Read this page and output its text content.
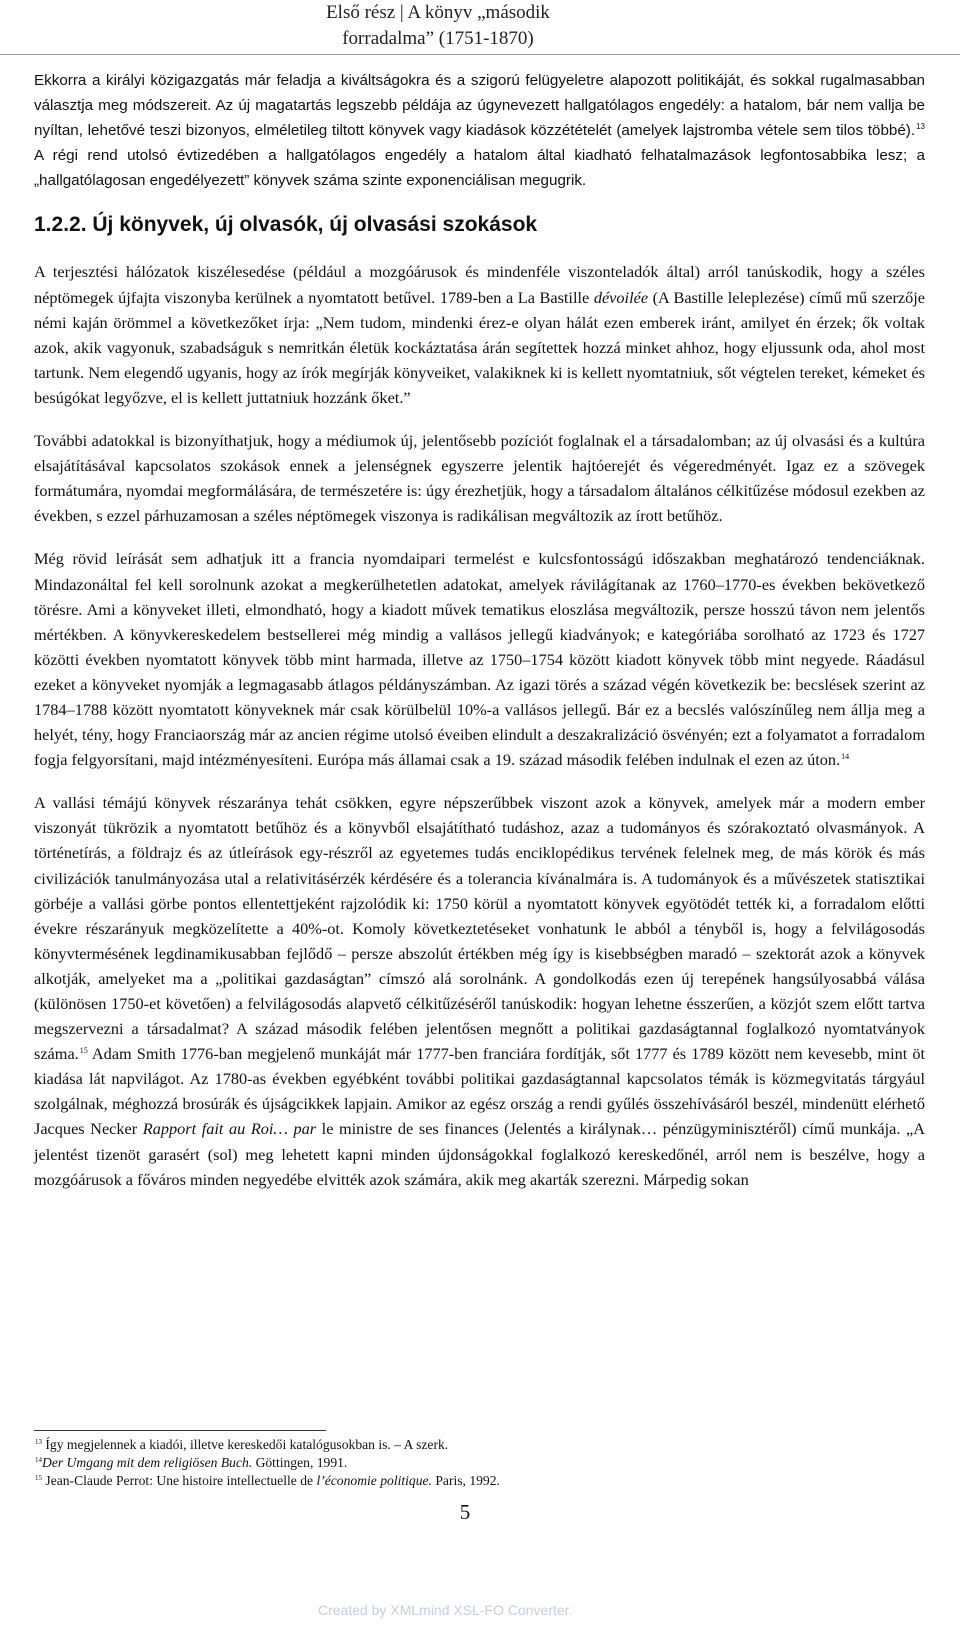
Első rész | A könyv „második
forradalma” (1751-1870)

Ekkorra a királyi közigazgatás már feladja a kiváltságokra és a szigorú felügyeletre alapozott politikáját, és sokkal rugalmasabban választja meg módszereit. Az új magatartás legszebb példája az úgynevezett hallgatólagos engedély: a hatalom, bár nem vallja be nyíltan, lehetővé teszi bizonyos, elméletileg tiltott könyvek vagy kiadások közzétételét (amelyek lajstromba vétele sem tilos többé).$^{13}$ A régi rend utolsó évtizedében a hallgatólagos engedély a hatalom által kiadható felhatalmazások legfontosabbika lesz; a „hallgatólagosan engedélyezett” könyvek száma szinte exponenciálisan megugrik.

1.2.2. Új könyvek, új olvasók, új olvasási szokások

A terjesztési hálózatok kiszélesedése (például a mozgóárusok és mindenféle viszonteladók által) arról tanúskodik, hogy a széles néptömegek újfajta viszonyba kerülnek a nyomtatott betűvel. 1789-ben a La Bastille dévoilée (A Bastille leleplezése) című mű szerzője némi kaján örömmel a következőket írja: „Nem tudom, mindenki érez-e olyan hálát ezen emberek iránt, amilyet én érzek; ők voltak azok, akik vagyonuk, szabadságuk s nemritkán életük kockáztatása árán segítettek hozzá minket ahhoz, hogy eljussunk oda, ahol most tartunk. Nem elegendő ugyanis, hogy az írók megírják könyveiket, valakiknek ki is kellett nyomtatniuk, sőt végtelen tereket, kémeket és besúgókat legyőzve, el is kellett juttatniuk hozzánk őket.”

További adatokkal is bizonyíthatjuk, hogy a médiumok új, jelentősebb pozíciót foglalnak el a társadalomban; az új olvasási és a kultúra elsajátításával kapcsolatos szokások ennek a jelenségnek egyszerre jelentik hajtóerejét és végeredményét. Igaz ez a szövegek formátumára, nyomdai megformálására, de természetére is: úgy érezhetjük, hogy a társadalom általános célkitűzése módosul ezekben az években, s ezzel párhuzamosan a széles néptömegek viszonya is radikálisan megváltozik az írott betűhöz.

Még rövid leírását sem adhatjuk itt a francia nyomdaipari termelést e kulcsfontosságú időszakban meghatározó tendenciáknak. Mindazonáltal fel kell sorolnunk azokat a megkerülhetetlen adatokat, amelyek rávilágítanak az 1760–1770-es években bekövetkező törésre. Ami a könyveket illeti, elmondható, hogy a kiadott művek tematikus eloszlása megváltozik, persze hosszú távon nem jelentős mértékben. A könyvkereskedelem bestsellerei még mindig a vallásos jellegű kiadványok; e kategóriába sorolható az 1723 és 1727 közötti években nyomtatott könyvek több mint harmada, illetve az 1750–1754 között kiadott könyvek több mint negyede. Ráadásul ezeket a könyveket nyomják a legmagasabb átlagos példányszámban. Az igazi törés a század végén következik be: becslések szerint az 1784–1788 között nyomtatott könyveknek már csak körülbelül 10%-a vallásos jellegű. Bár ez a becslés valószínűleg nem állja meg a helyét, tény, hogy Franciaország már az ancien régime utolsó éveiben elindult a deszakralizáció ösvényén; ezt a folyamatot a forradalom fogja felgyorsítani, majd intézményesíteni. Európa más államai csak a 19. század második felében indulnak el ezen az úton.$^{14}$

A vallási témájú könyvek részaránya tehát csökken, egyre népszerűbbek viszont azok a könyvek, amelyek már a modern ember viszonyát tükrözik a nyomtatott betűhöz és a könyvből elsajátítható tudáshoz, azaz a tudományos és szórakoztató olvasmányok. A történetírás, a földrajz és az útleírások egy-részről az egyetemes tudás enciklopédikus tervének felelnek meg, de más körök és más civilizációk tanulmányozása utal a relativitásérzék kérdésére és a tolerancia kívánalmára is. A tudományok és a művészetek statisztikai görbéje a vallási görbe pontos ellentettjeként rajzolódik ki: 1750 körül a nyomtatott könyvek egyötödét tették ki, a forradalom előtti évekre részarányuk megközelítette a 40%-ot. Komoly következtetéseket vonhatunk le abból a tényből is, hogy a felvilágosodás könyvtermésének legdinamikusabban fejlődő – persze abszolút értékben még így is kisebbségben maradó – szektorát azok a könyvek alkotják, amelyeket ma a „politikai gazdaságtan” címszó alá sorolnánk. A gondolkodás ezen új terepének hangsúlyosabbá válása (különösen 1750-et követően) a felvilágosodás alapvető célkitűzéséről tanúskodik: hogyan lehetne ésszerűen, a közjót szem előtt tartva megszervezni a társadalmat? A század második felében jelentősen megnőtt a politikai gazdaságtannal foglalkozó nyomtatványok száma.$^{15}$ Adam Smith 1776-ban megjelenő munkáját már 1777-ben franciára fordítják, sőt 1777 és 1789 között nem kevesebb, mint öt kiadása lát napvilágot. Az 1780-as években egyébként további politikai gazdaságtannal kapcsolatos témák is közmegvitatás tárgyául szolgálnak, méghozzá brosúrák és újságcikkek lapjain. Amikor az egész ország a rendi gyűlés összehívásáról beszél, mindenütt elérhető Jacques Necker Rapport fait au Roi… par le ministre de ses finances (Jelentés a királynak… pénzügyminisztéről) című munkája. „A jelentést tizenöt garasért (sol) meg lehetett kapni minden újdonságokkal foglalkozó kereskedőnél, arról nem is beszélve, hogy a mozgóárusok a főváros minden negyedébe elvitték azok számára, akik meg akarták szerezni. Márpedig sokan

$^{13}$ Így megjelennek a kiadói, illetve kereskedői katalógusokban is. – A szerk.
$^{14}$Der Umgang mit dem religiösen Buch. Göttingen, 1991.
$^{15}$ Jean-Claude Perrot: Une histoire intellectuelle de l’économie politique. Paris, 1992.
5
Created by XMLmind XSL-FO Converter.
